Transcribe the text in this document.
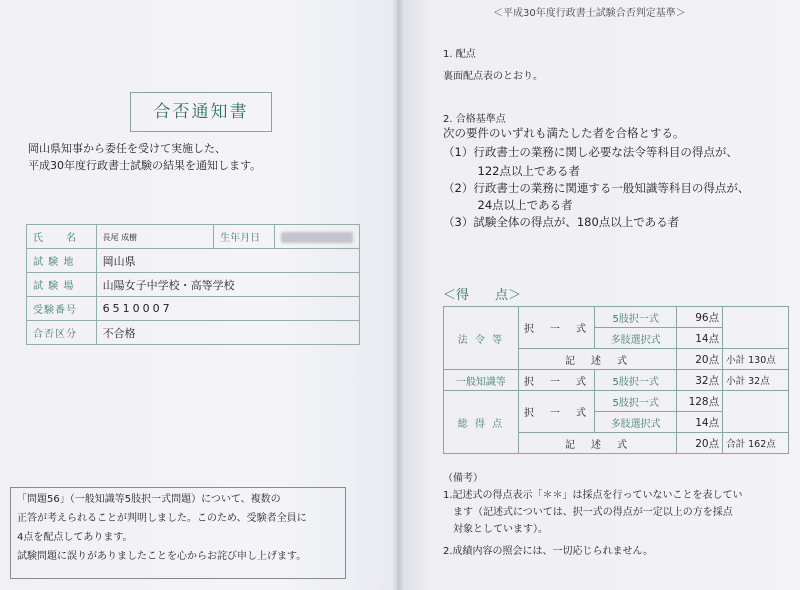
合否通知書
岡山県知事から委任を受けて実施した、
平成30年度行政書士試験の結果を通知します。
氏　　名	長尾 成樹	生年月日	
試 験 地	岡山県		
試 験 場	山陽女子中学校・高等学校		
受験番号	6510007		
合否区分	不合格		
「問題56」（一般知識等5肢択一式問題）について、複数の
正答が考えられることが判明しました。このため、受験者全員に
4点を配点してあります。
試験問題に誤りがありましたことを心からお詫び申し上げます。
＜平成30年度行政書士試験合否判定基準＞
1. 配点
裏面配点表のとおり。
2. 合格基準点
次の要件のいずれも満たした者を合格とする。
（1）行政書士の業務に関し必要な法令等科目の得点が、
　　　122点以上である者
（2）行政書士の業務に関連する一般知識等科目の得点が、
　　　24点以上である者
（3）試験全体の得点が、180点以上である者
＜得　　点＞
法 令 等	択　一　式	5肢択一式	96点	
		多肢選択式	14点	
	記　述　式		20点	小計 130点
一般知識等	択　一　式	5肢択一式	32点	小計 32点
総 得 点	択　一　式	5肢択一式	128点	
		多肢選択式	14点	
	記　述　式		20点	合計 162点
（備考）
1.記述式の得点表示「＊＊」は採点を行っていないことを表してい
　ます（記述式については、択一式の得点が一定以上の方を採点
　対象としています）。
2.成績内容の照会には、一切応じられません。
